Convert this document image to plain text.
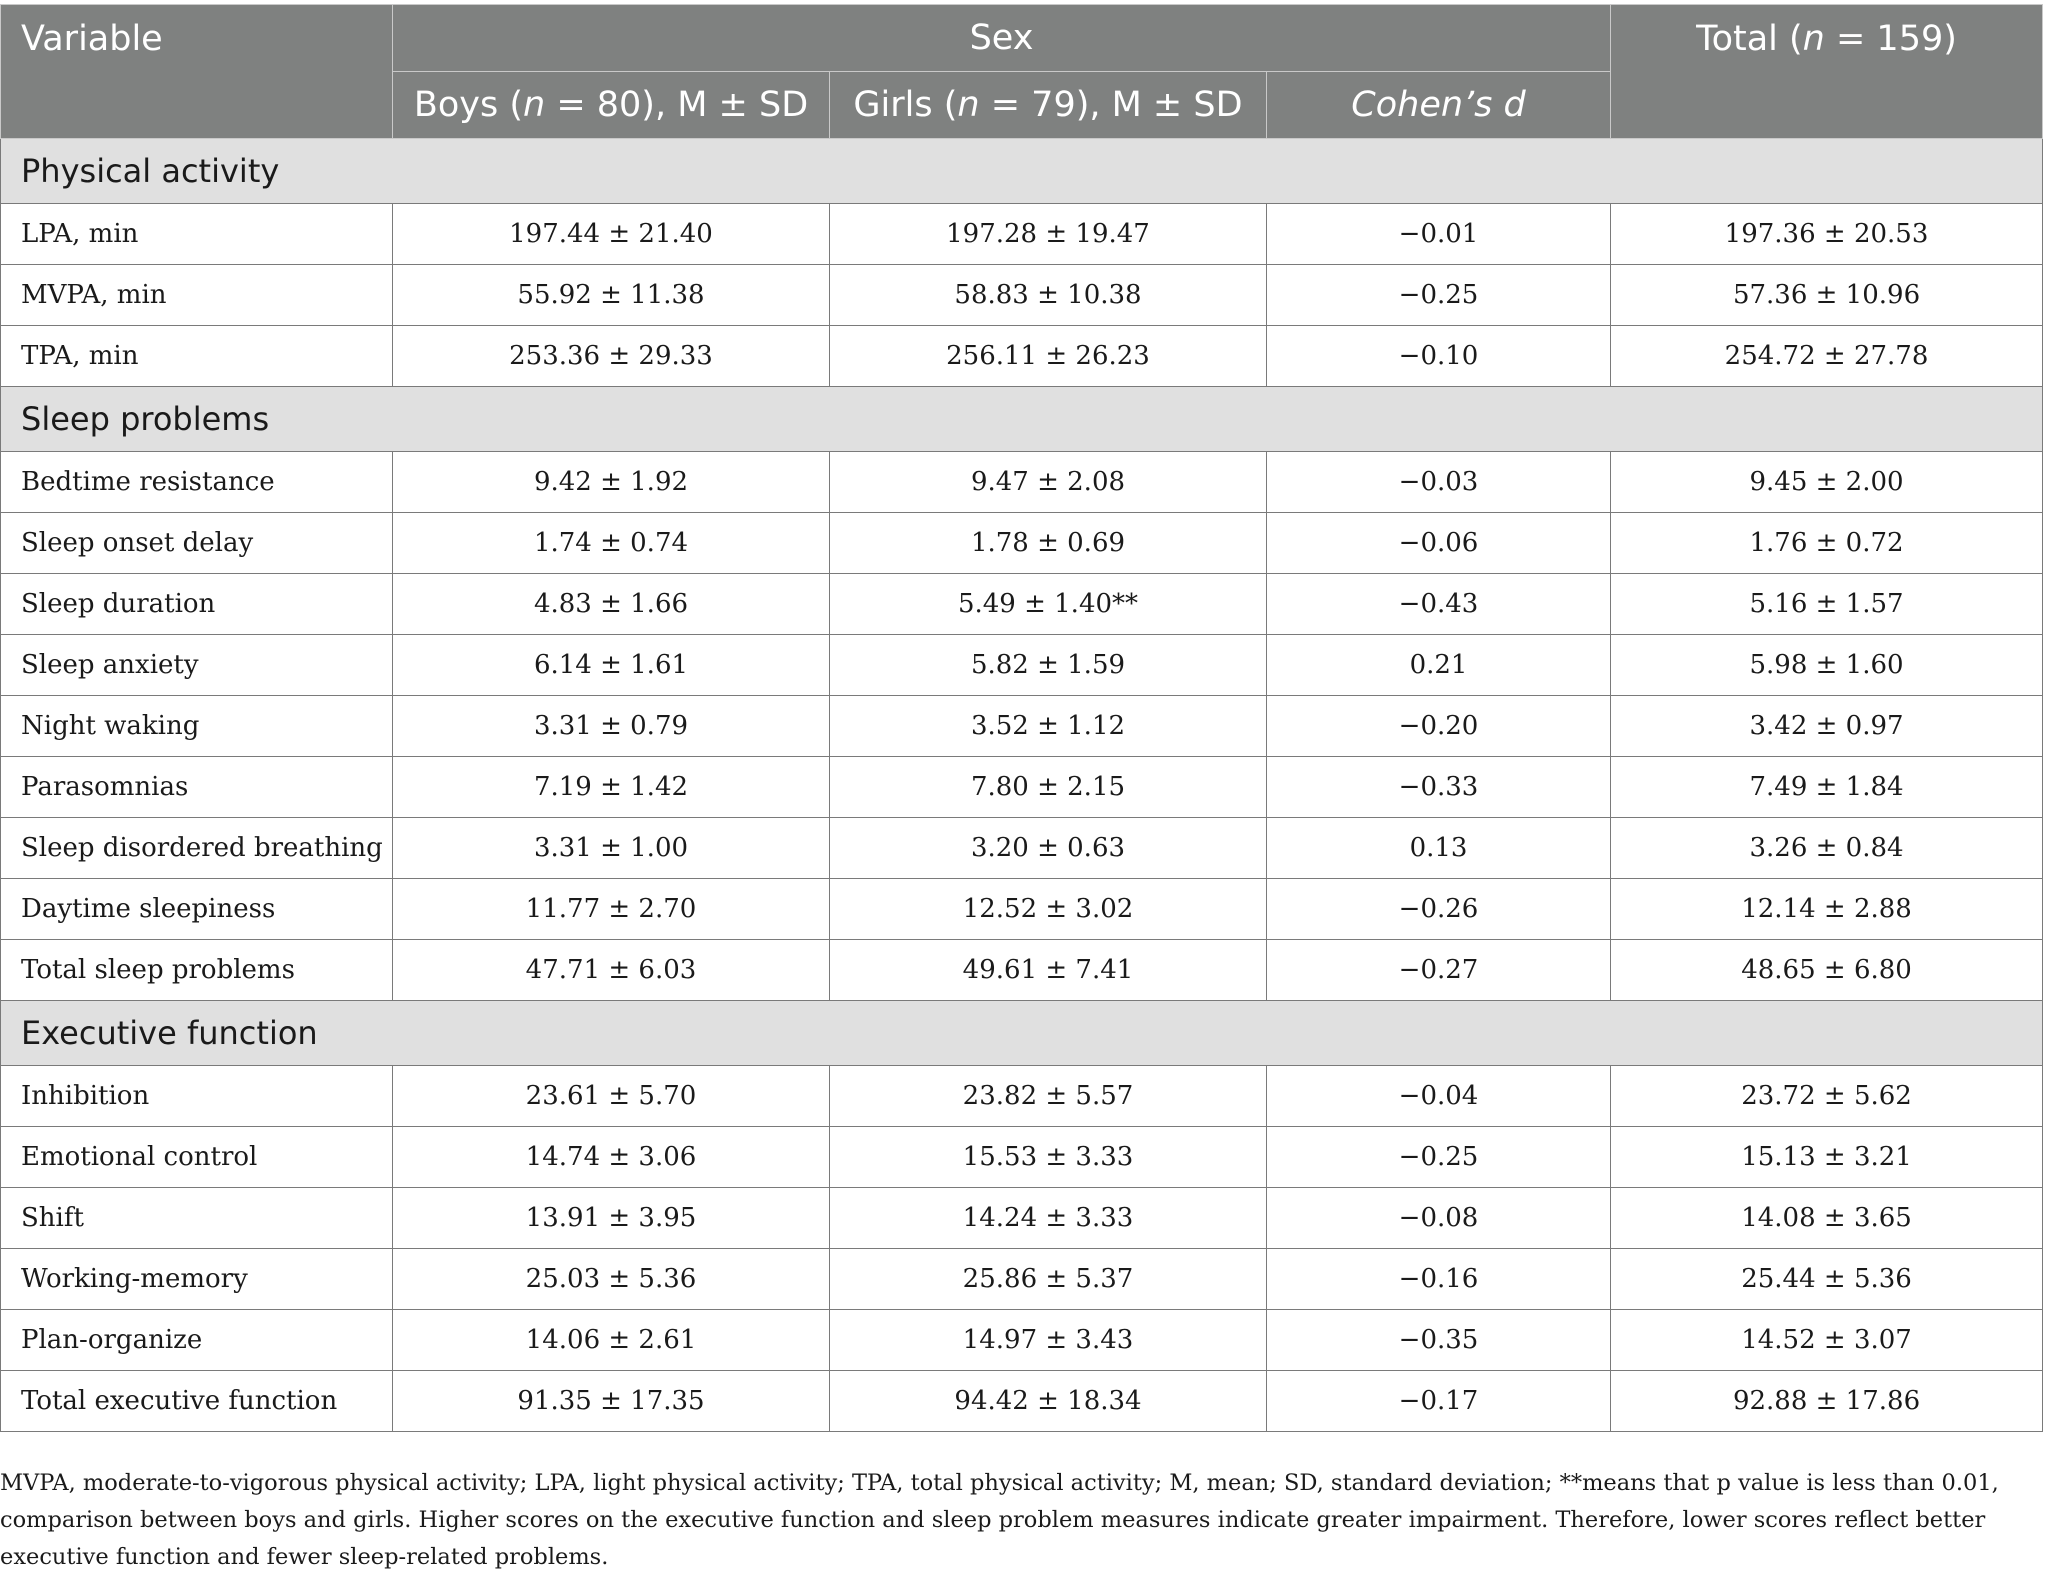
Variable	Sex			Total (n = 159)
	Boys (n = 80), M ± SD	Girls (n = 79), M ± SD	Cohen’s d	
Physical activity				
LPA, min	197.44 ± 21.40	197.28 ± 19.47	−0.01	197.36 ± 20.53
MVPA, min	55.92 ± 11.38	58.83 ± 10.38	−0.25	57.36 ± 10.96
TPA, min	253.36 ± 29.33	256.11 ± 26.23	−0.10	254.72 ± 27.78
Sleep problems				
Bedtime resistance	9.42 ± 1.92	9.47 ± 2.08	−0.03	9.45 ± 2.00
Sleep onset delay	1.74 ± 0.74	1.78 ± 0.69	−0.06	1.76 ± 0.72
Sleep duration	4.83 ± 1.66	5.49 ± 1.40**	−0.43	5.16 ± 1.57
Sleep anxiety	6.14 ± 1.61	5.82 ± 1.59	0.21	5.98 ± 1.60
Night waking	3.31 ± 0.79	3.52 ± 1.12	−0.20	3.42 ± 0.97
Parasomnias	7.19 ± 1.42	7.80 ± 2.15	−0.33	7.49 ± 1.84
Sleep disordered breathing	3.31 ± 1.00	3.20 ± 0.63	0.13	3.26 ± 0.84
Daytime sleepiness	11.77 ± 2.70	12.52 ± 3.02	−0.26	12.14 ± 2.88
Total sleep problems	47.71 ± 6.03	49.61 ± 7.41	−0.27	48.65 ± 6.80
Executive function				
Inhibition	23.61 ± 5.70	23.82 ± 5.57	−0.04	23.72 ± 5.62
Emotional control	14.74 ± 3.06	15.53 ± 3.33	−0.25	15.13 ± 3.21
Shift	13.91 ± 3.95	14.24 ± 3.33	−0.08	14.08 ± 3.65
Working-memory	25.03 ± 5.36	25.86 ± 5.37	−0.16	25.44 ± 5.36
Plan-organize	14.06 ± 2.61	14.97 ± 3.43	−0.35	14.52 ± 3.07
Total executive function	91.35 ± 17.35	94.42 ± 18.34	−0.17	92.88 ± 17.86
MVPA, moderate-to-vigorous physical activity; LPA, light physical activity; TPA, total physical activity; M, mean; SD, standard deviation; **means that p value is less than 0.01, comparison between boys and girls. Higher scores on the executive function and sleep problem measures indicate greater impairment. Therefore, lower scores reflect better executive function and fewer sleep-related problems.
